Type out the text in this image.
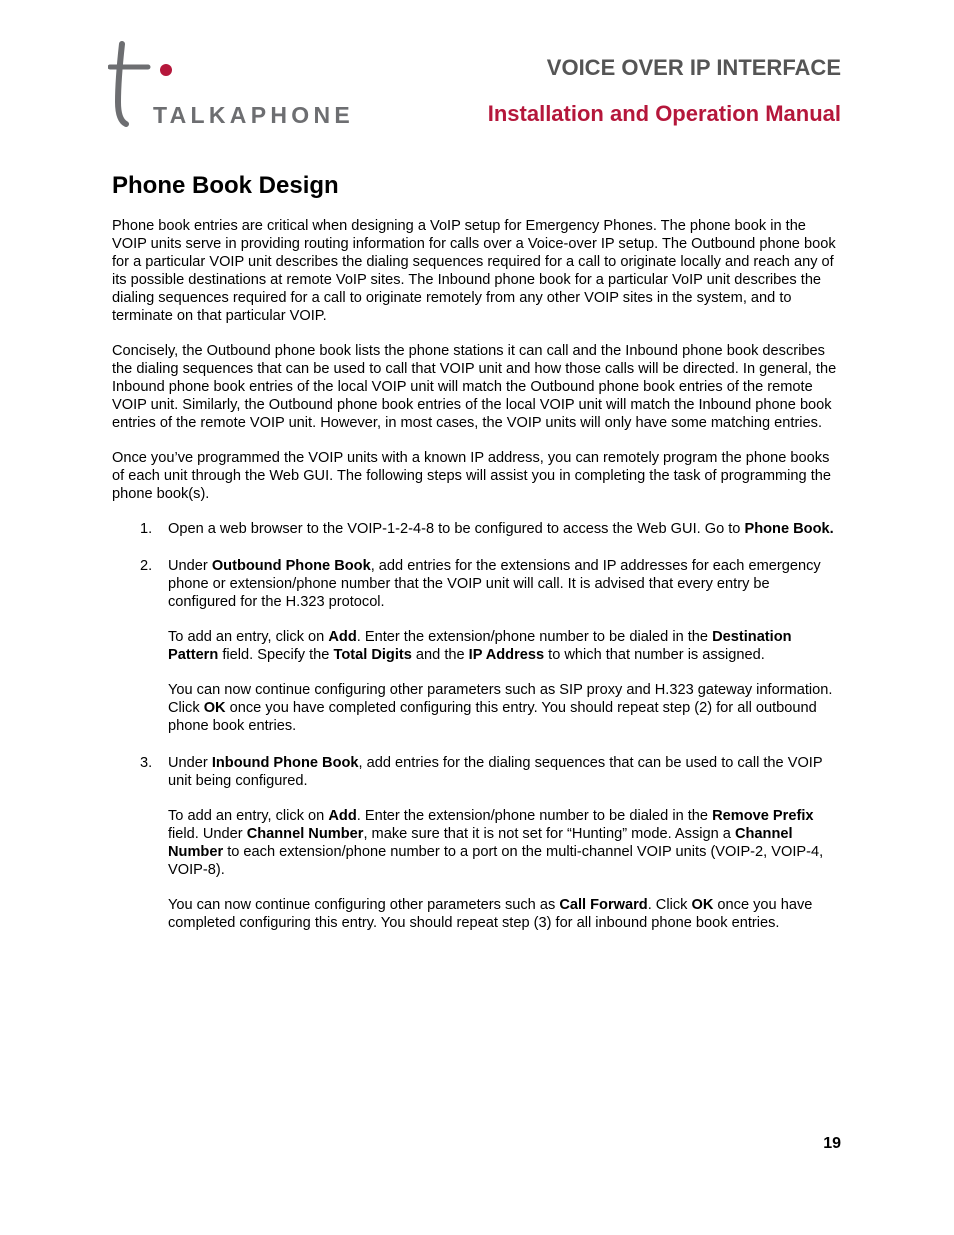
TALKAPHONE
VOICE OVER IP INTERFACE
Installation and Operation Manual
Phone Book Design

Phone book entries are critical when designing a VoIP setup for Emergency Phones. The phone book in the VOIP units serve in providing routing information for calls over a Voice-over IP setup. The Outbound phone book for a particular VOIP unit describes the dialing sequences required for a call to originate locally and reach any of its possible destinations at remote VoIP sites. The Inbound phone book for a particular VoIP unit describes the dialing sequences required for a call to originate remotely from any other VOIP sites in the system, and to terminate on that particular VOIP.

Concisely, the Outbound phone book lists the phone stations it can call and the Inbound phone book describes the dialing sequences that can be used to call that VOIP unit and how those calls will be directed. In general, the Inbound phone book entries of the local VOIP unit will match the Outbound phone book entries of the remote VOIP unit. Similarly, the Outbound phone book entries of the local VOIP unit will match the Inbound phone book entries of the remote VOIP unit. However, in most cases, the VOIP units will only have some matching entries.

Once you’ve programmed the VOIP units with a known IP address, you can remotely program the phone books of each unit through the Web GUI. The following steps will assist you in completing the task of programming the phone book(s).

1. Open a web browser to the VOIP-1-2-4-8 to be configured to access the Web GUI. Go to Phone Book.

2. Under Outbound Phone Book, add entries for the extensions and IP addresses for each emergency phone or extension/phone number that the VOIP unit will call. It is advised that every entry be configured for the H.323 protocol.

To add an entry, click on Add. Enter the extension/phone number to be dialed in the Destination Pattern field. Specify the Total Digits and the IP Address to which that number is assigned.

You can now continue configuring other parameters such as SIP proxy and H.323 gateway information. Click OK once you have completed configuring this entry. You should repeat step (2) for all outbound phone book entries.

3. Under Inbound Phone Book, add entries for the dialing sequences that can be used to call the VOIP unit being configured.

To add an entry, click on Add. Enter the extension/phone number to be dialed in the Remove Prefix field. Under Channel Number, make sure that it is not set for “Hunting” mode. Assign a Channel Number to each extension/phone number to a port on the multi-channel VOIP units (VOIP-2, VOIP-4, VOIP-8).

You can now continue configuring other parameters such as Call Forward. Click OK once you have completed configuring this entry. You should repeat step (3) for all inbound phone book entries.

19
